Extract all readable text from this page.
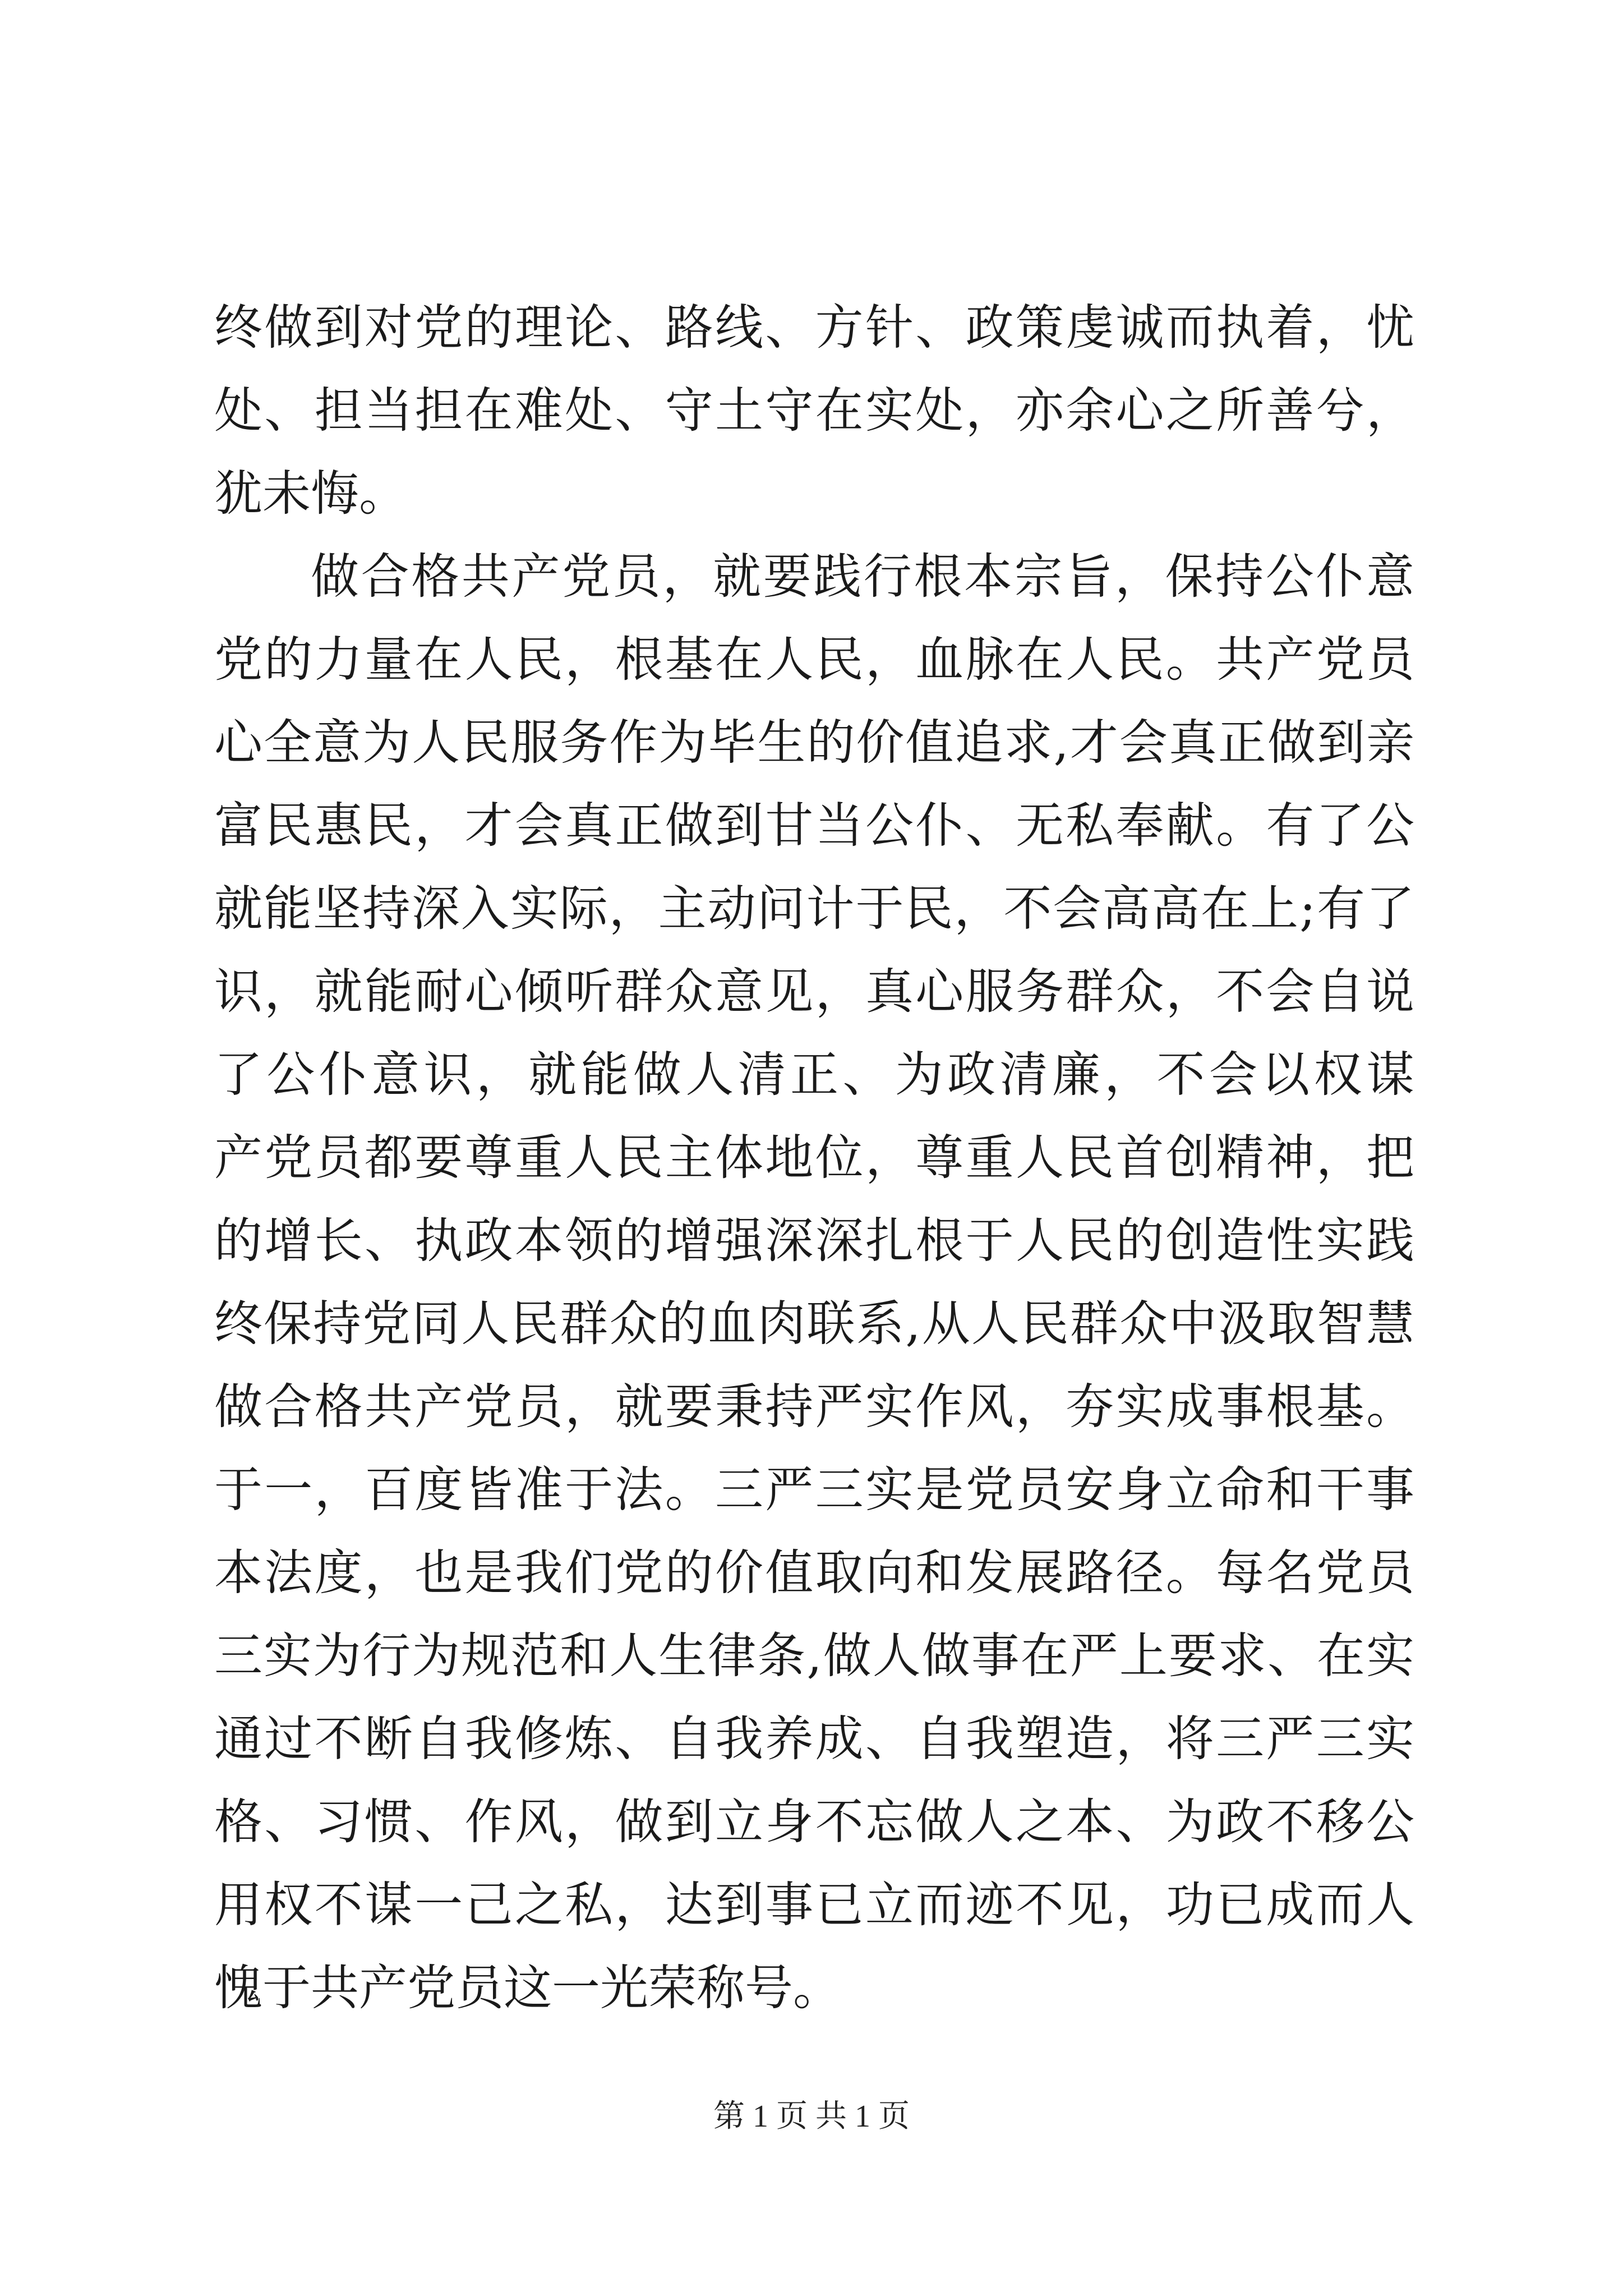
终做到对党的理论、路线、方针、政策虔诚而执着，忧
处、担当担在难处、守土守在实处，亦余心之所善兮，
犹未悔。
做合格共产党员，就要践行根本宗旨，保持公仆意
党的力量在人民，根基在人民，血脉在人民。共产党员
心全意为人民服务作为毕生的价值追求,才会真正做到亲
富民惠民，才会真正做到甘当公仆、无私奉献。有了公
就能坚持深入实际，主动问计于民，不会高高在上;有了
识，就能耐心倾听群众意见，真心服务群众，不会自说
了公仆意识，就能做人清正、为政清廉，不会以权谋
产党员都要尊重人民主体地位，尊重人民首创精神，把
的增长、执政本领的增强深深扎根于人民的创造性实践
终保持党同人民群众的血肉联系,从人民群众中汲取智慧
做合格共产党员，就要秉持严实作风，夯实成事根基。
于一，百度皆准于法。三严三实是党员安身立命和干事
本法度，也是我们党的价值取向和发展路径。每名党员
三实为行为规范和人生律条,做人做事在严上要求、在实
通过不断自我修炼、自我养成、自我塑造，将三严三实
格、习惯、作风，做到立身不忘做人之本、为政不移公
用权不谋一己之私，达到事已立而迹不见，功已成而人
愧于共产党员这一光荣称号。
第 1 页 共 1 页
